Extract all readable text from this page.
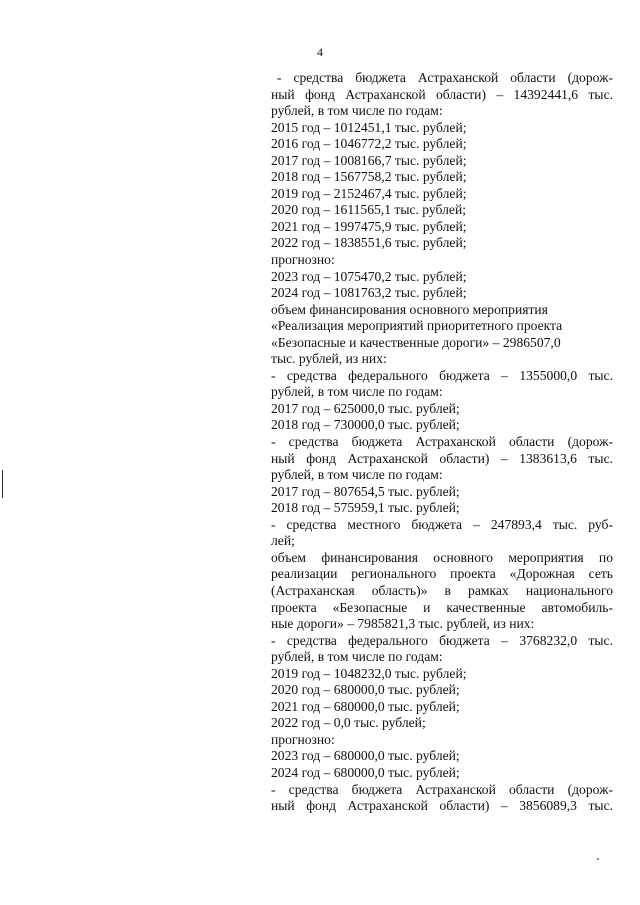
4
- средства бюджета Астраханской области (дорож-
ный фонд Астраханской области) – 14392441,6 тыс.
рублей, в том числе по годам:
2015 год – 1012451,1 тыс. рублей;
2016 год – 1046772,2 тыс. рублей;
2017 год – 1008166,7 тыс. рублей;
2018 год – 1567758,2 тыс. рублей;
2019 год – 2152467,4 тыс. рублей;
2020 год – 1611565,1 тыс. рублей;
2021 год – 1997475,9 тыс. рублей;
2022 год – 1838551,6 тыс. рублей;
прогнозно:
2023 год – 1075470,2 тыс. рублей;
2024 год – 1081763,2 тыс. рублей;
объем финансирования основного мероприятия
«Реализация мероприятий приоритетного проекта
«Безопасные и качественные дороги» – 2986507,0
тыс. рублей, из них:
- средства федерального бюджета – 1355000,0 тыс.
рублей, в том числе по годам:
2017 год – 625000,0 тыс. рублей;
2018 год – 730000,0 тыс. рублей;
- средства бюджета Астраханской области (дорож-
ный фонд Астраханской области) – 1383613,6 тыс.
рублей, в том числе по годам:
2017 год – 807654,5 тыс. рублей;
2018 год – 575959,1 тыс. рублей;
- средства местного бюджета – 247893,4 тыс. руб-
лей;
объем финансирования основного мероприятия по
реализации регионального проекта «Дорожная сеть
(Астраханская область)» в рамках национального
проекта «Безопасные и качественные автомобиль-
ные дороги» – 7985821,3 тыс. рублей, из них:
- средства федерального бюджета – 3768232,0 тыс.
рублей, в том числе по годам:
2019 год – 1048232,0 тыс. рублей;
2020 год – 680000,0 тыс. рублей;
2021 год – 680000,0 тыс. рублей;
2022 год – 0,0 тыс. рублей;
прогнозно:
2023 год – 680000,0 тыс. рублей;
2024 год – 680000,0 тыс. рублей;
- средства бюджета Астраханской области (дорож-
ный фонд Астраханской области) – 3856089,3 тыс.
